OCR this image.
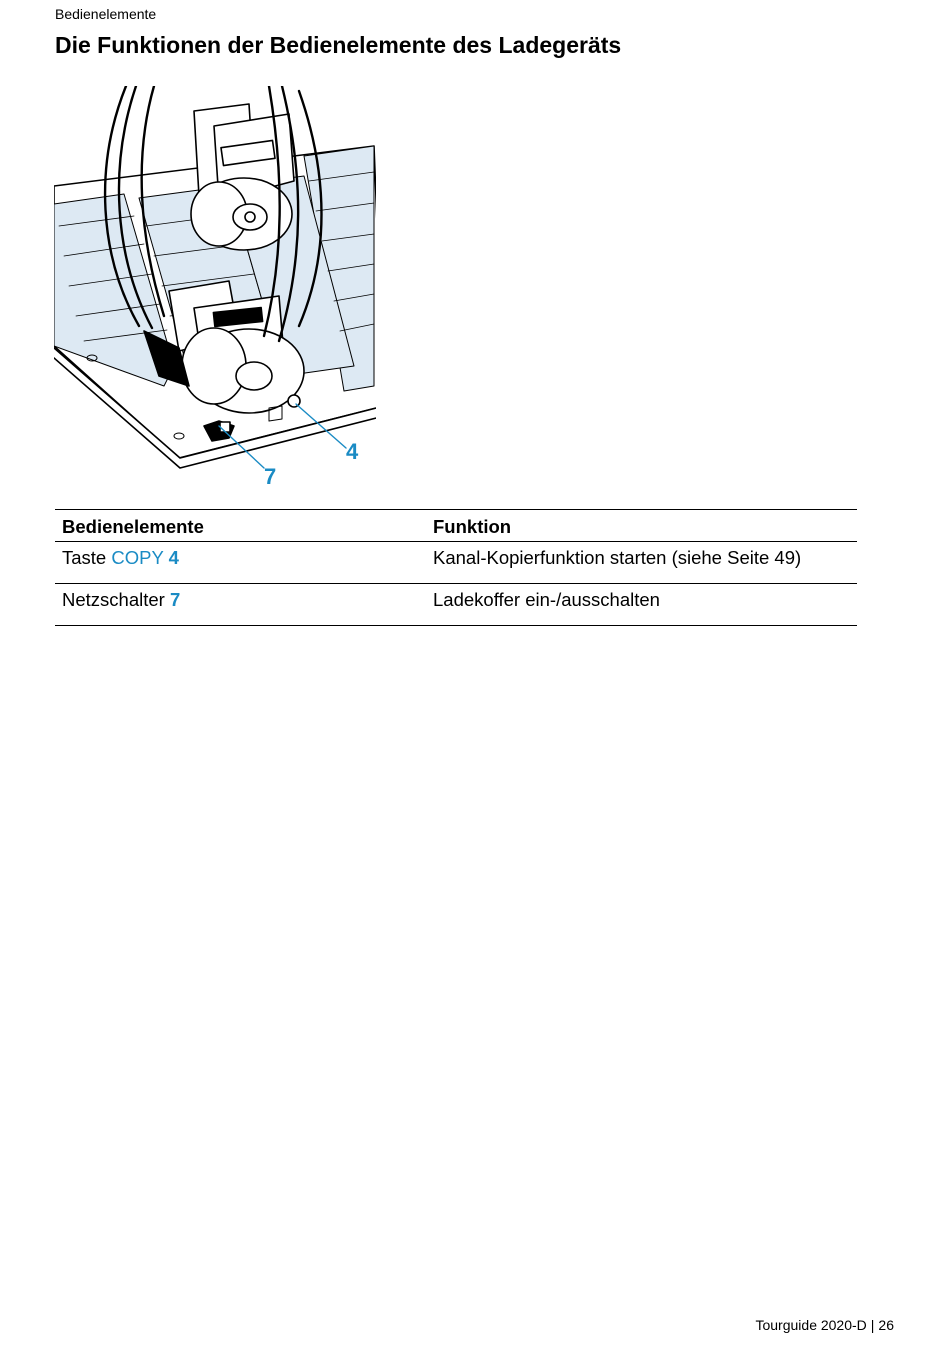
Bedienelemente
Die Funktionen der Bedienelemente des Ladegeräts
4
7
Bedienelemente	Funktion
Taste COPY 4	Kanal-Kopierfunktion starten (siehe Seite 49)
Netzschalter 7	Ladekoffer ein-/ausschalten
Tourguide 2020-D | 26
